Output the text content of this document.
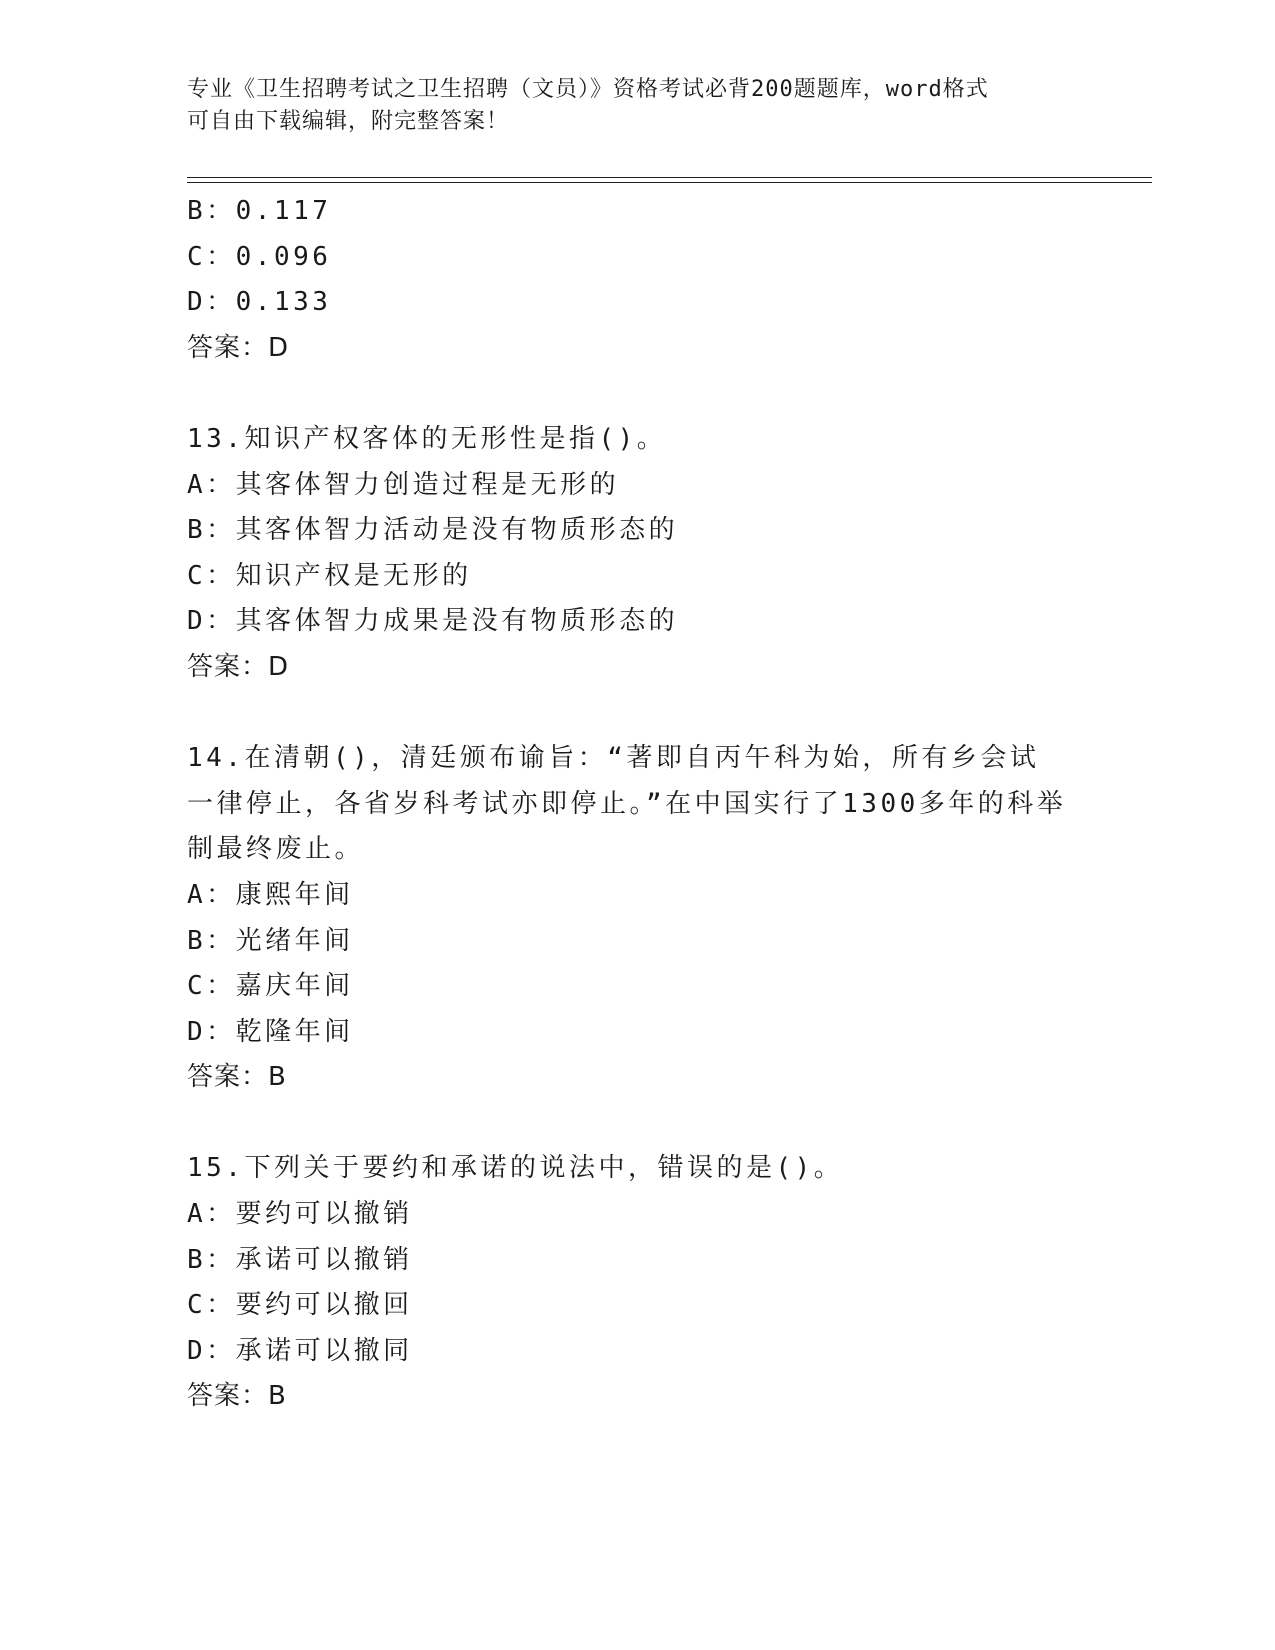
专业《卫生招聘考试之卫生招聘（文员）》资格考试必背200题题库，word格式
可自由下载编辑，附完整答案！
B：0.117
C：0.096
D：0.133
答案：D
13.知识产权客体的无形性是指()。
A：其客体智力创造过程是无形的
B：其客体智力活动是没有物质形态的
C：知识产权是无形的
D：其客体智力成果是没有物质形态的
答案：D
14.在清朝()，清廷颁布谕旨：“著即自丙午科为始，所有乡会试一律停止，各省岁科考试亦即停止。”在中国实行了1300多年的科举制最终废止。
A：康熙年间
B：光绪年间
C：嘉庆年间
D：乾隆年间
答案：B
15.下列关于要约和承诺的说法中，错误的是()。
A：要约可以撤销
B：承诺可以撤销
C：要约可以撤回
D：承诺可以撤同
答案：B
